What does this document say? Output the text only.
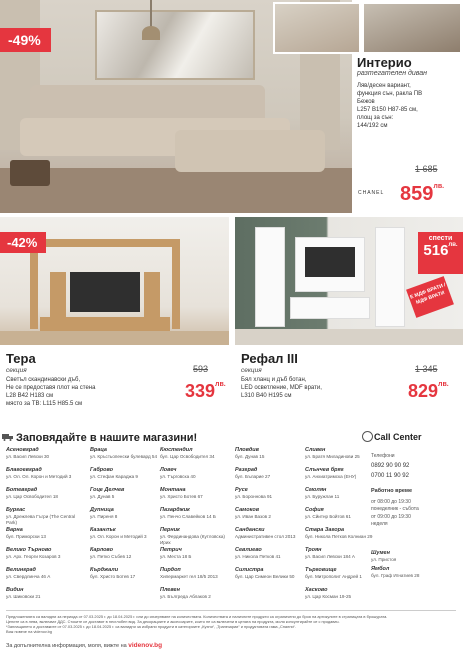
-49%
Интерио
разтегателен диван
Ляв/десен вариант,
функция сън, ракла ПВ
Бежов
L257 В150 Н87-85 см,
площ за сън:
144/192 см
1 685
$859^{лв.}$
CHANEL
-42%
Тера
секция
Светъл скандинавски дъб,
Не се предоставя плот на стена
L28 В42 Н183 см
място за ТВ: L115 Н85.5 см
593
$339^{лв.}$
спести
$516^{лв.}$
Е МДФ ВРАТИ / МДФ ВРАТИ
Рефал III
секция
Бял хланц и дъб ботан,
LED осветление, MDF врати,
L310 В40 Н195 см
1 345
$829^{лв.}$
Заповядайте в нашите магазини!	Call Center
Асеновград
ул. Васил Левски 30
Благоевград
ул. Ол. Ол. Корон и Методий 3
Ботевград
ул. Цар Освободител 18
Бургас
ул. Дрежлева Гъгри (The Central Park)
Варна
бул. Приморски 13
Велико Търново
ул. Арх. Георги Козаров 3
Велинград
ул. Свердлинча 46 А
Видин
ул. Шиковски 21
Враца
ул. Кръстьопенски булевард 54
Габрово
ул. Стефан Караджа 9
Гоце Делчев
ул. Дунав 5
Дупница
ул. Пиреня 8
Казанлък
ул. Ол. Корон и Методий 3
Карлово
ул. Петко Събев 12
Кърджали
бул. Христо Ботев 17
Кюстендил
бул. Цар Освободител 34
Ловеч
ул. Търговска 40
Монтана
ул. Христо Ботев 67
Пазарджик
ул. Пенчо Славейков 14 Б
Перник
ул. Фердинандова (Кутловска) Ирих
Петрич
ул. Места 18 Б
Пирдоп
Хипермаркет гел 18/5 2013
Плевен
ул. Бългреда Аблаков 2
Пловдив
бул. Дунав 15
Разград
бул. Бъларие 27
Русе
ул. Бороннова 91
Самоков
ул. Иван Вазов 2
Сандански
Административен стол 2013
Севлиево
ул. Никола Петков 41
Силистра
бул. Цар Симеон Велики 50
Сливен
ул. Братя Миладинови 25
Слънчев бряг
ул. Анхиатримска (ЕНУ)
Смолян
ул. Буружлан 11
София
ул. Сйитнр Бойтов 61
Стара Загора
бул. Никола Петков Колниан 29
Троян
ул. Васил Левски 184 А
Търговище
бул. Митрополит Андрей 1
Хасково
ул. Цар Косман 19-25
Телефони
0892 90 90 92
0700 11 90 92
Работно време
от 08:00 до 19:30
понеделник - събота
от 09:00 до 19:30
неделя
Шумен
ул. Пристоя
Ямбол
бул. Граф Игнатиев 28
Предложенията са валидни за периода от 07.03.2025 г. до 18.04.2025 г. или до изчерпване на количествата. Количествата и наличните продукти са ограничени до броя на артикулите в страницата в брошурата.
Цените са в лева, включват ДДС. Стоките се доставят в несглобен вид. За декорациите и аксесоарите, които не са включени в цената на продукта, моля консултирайте се с продавач.
*Заплащането и доставките от 07.03.2025 г. до 18.04.2025 г. са валидни за избрани продукти в категориите „Кухни“, „Трапезарии“ и продуктовата гама „Спални“.
Виж повече на videnov.bg
За допълнителна информация, моля, вижте на videnov.bg
